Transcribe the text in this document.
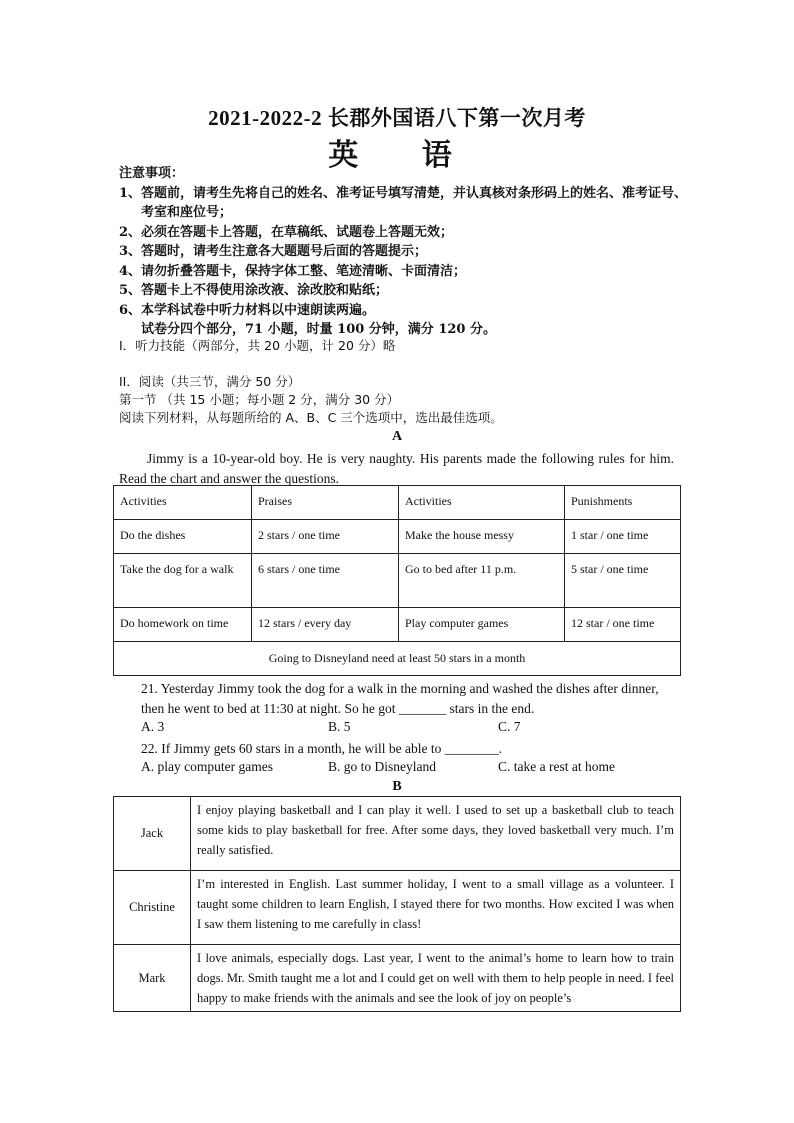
2021-2022-2 长郡外国语八下第一次月考
英 语
注意事项：
1、答题前，请考生先将自己的姓名、准考证号填写清楚，并认真核对条形码上的姓名、准考证号、考室和座位号；
2、必须在答题卡上答题，在草稿纸、试题卷上答题无效；
3、答题时，请考生注意各大题题号后面的答题提示；
4、请勿折叠答题卡，保持字体工整、笔迹清晰、卡面清洁；
5、答题卡上不得使用涂改液、涂改胶和贴纸；
6、本学科试卷中听力材料以中速朗读两遍。
试卷分四个部分，71 小题，时量 100 分钟，满分 120 分。
I．听力技能（两部分，共 20 小题，计 20 分）略
II．阅读（共三节，满分 50 分）
第一节 （共 15 小题；每小题 2 分，满分 30 分）
阅读下列材料，从每题所给的 A、B、C 三个选项中，选出最佳选项。
A
Jimmy is a 10-year-old boy. He is very naughty. His parents made the following rules for him. Read the chart and answer the questions.
Activities	Praises	Activities	Punishments
Do the dishes	2 stars / one time	Make the house messy	1 star / one time
Take the dog for a walk	6 stars / one time	Go to bed after 11 p.m.	5 star / one time
Do homework on time	12 stars / every day	Play computer games	12 star / one time
Going to Disneyland need at least 50 stars in a month			
21. Yesterday Jimmy took the dog for a walk in the morning and washed the dishes after dinner,
then he went to bed at 11:30 at night. So he got _______ stars in the end.
A. 3	B. 5	C. 7
22. If Jimmy gets 60 stars in a month, he will be able to ________.
A. play computer games	B. go to Disneyland	C. take a rest at home
B
Jack	I enjoy playing basketball and I can play it well. I used to set up a basketball club to teach some kids to play basketball for free. After some days, they loved basketball very much. I’m really satisfied.
Christine	I’m interested in English. Last summer holiday, I went to a small village as a volunteer. I taught some children to learn English, I stayed there for two months. How excited I was when I saw them listening to me carefully in class!
Mark	I love animals, especially dogs. Last year, I went to the animal’s home to learn how to train dogs. Mr. Smith taught me a lot and I could get on well with them to help people in need. I feel happy to make friends with the animals and see the look of joy on people’s
